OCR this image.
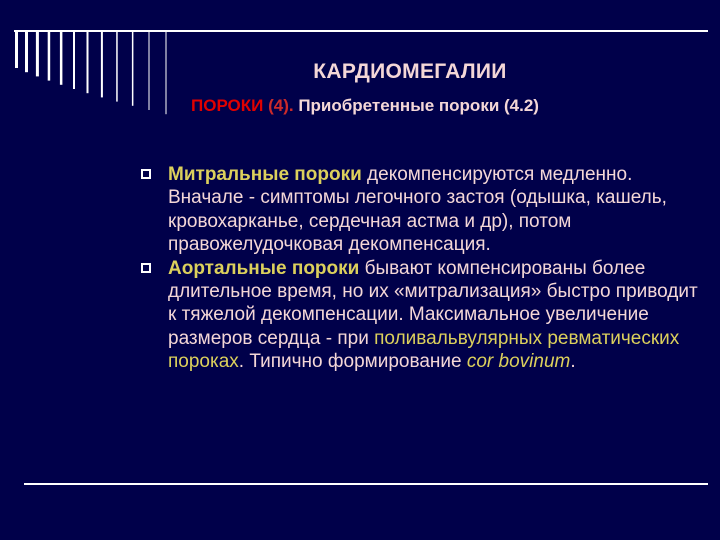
КАРДИОМЕГАЛИИ
ПОРОКИ (4). Приобретенные пороки (4.2)
Митральные пороки декомпенсируются медленно. Вначале - симптомы легочного застоя (одышка, кашель, кровохарканье, сердечная астма и др), потом правожелудочковая декомпенсация.
Аортальные пороки бывают компенсированы более длительное время, но их «митрализация» быстро приводит к тяжелой декомпенсации. Максимальное увеличение размеров сердца - при поливальвулярных ревматических пороках. Типично формирование cor bovinum.
